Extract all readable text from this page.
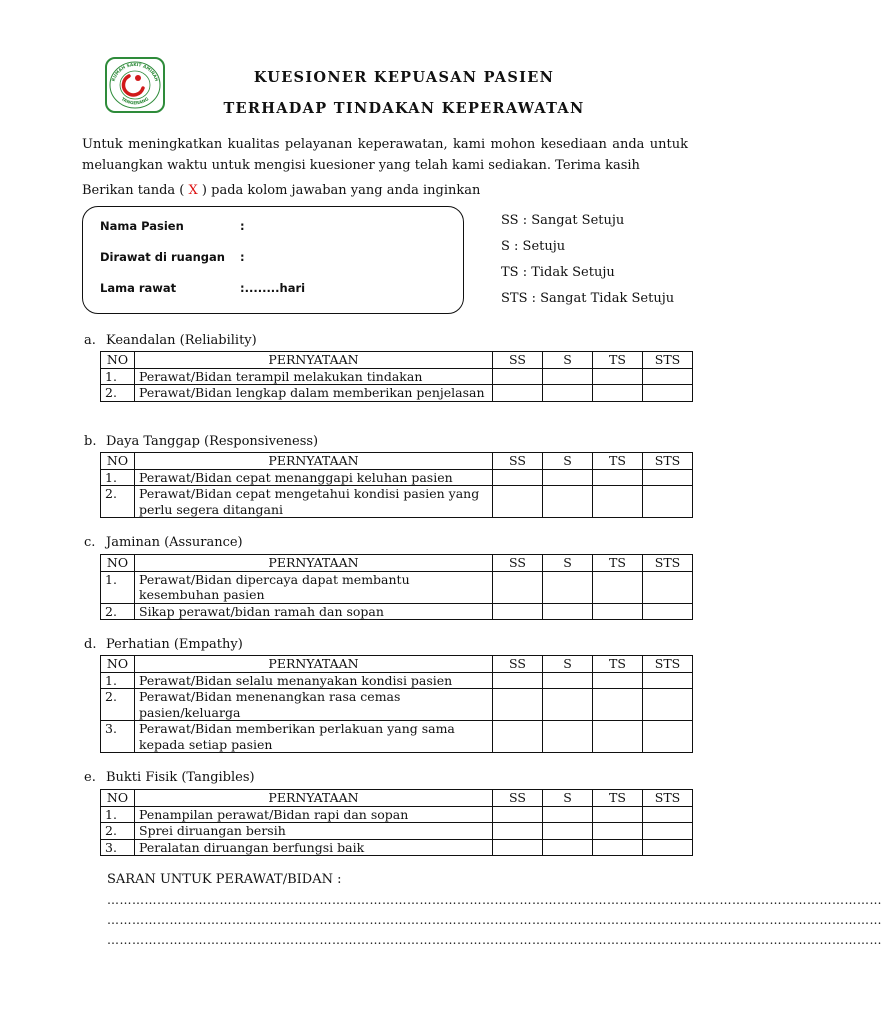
RUMAH SAKIT AMINAH
TANGERANG
KUESIONER KEPUASAN PASIEN
TERHADAP TINDAKAN KEPERAWATAN
Untuk meningkatkan kualitas pelayanan keperawatan, kami mohon kesediaan anda untuk meluangkan waktu untuk mengisi kuesioner yang telah kami sediakan. Terima kasih
Berikan tanda ( X ) pada kolom jawaban yang anda inginkan
Nama Pasien	:
Dirawat di ruangan :
Lama rawat	:........hari
SS : Sangat Setuju
S : Setuju
TS : Tidak Setuju
STS : Sangat Tidak Setuju
a. Keandalan (Reliability)
NO	PERNYATAAN	SS	S	TS	STS
1.	Perawat/Bidan terampil melakukan tindakan				
2.	Perawat/Bidan lengkap dalam memberikan penjelasan				
b. Daya Tanggap (Responsiveness)
NO	PERNYATAAN	SS	S	TS	STS
1.	Perawat/Bidan cepat menanggapi keluhan pasien				
2.	Perawat/Bidan cepat mengetahui kondisi pasien yang perlu segera ditangani				
c. Jaminan (Assurance)
NO	PERNYATAAN	SS	S	TS	STS
1.	Perawat/Bidan dipercaya dapat membantu kesembuhan pasien				
2.	Sikap perawat/bidan ramah dan sopan				
d. Perhatian (Empathy)
NO	PERNYATAAN	SS	S	TS	STS
1.	Perawat/Bidan selalu menanyakan kondisi pasien				
2.	Perawat/Bidan menenangkan rasa cemas pasien/keluarga				
3.	Perawat/Bidan memberikan perlakuan yang sama kepada setiap pasien				
e. Bukti Fisik (Tangibles)
NO	PERNYATAAN	SS	S	TS	STS
1.	Penampilan perawat/Bidan rapi dan sopan				
2.	Sprei diruangan bersih				
3.	Peralatan diruangan berfungsi baik				
SARAN UNTUK PERAWAT/BIDAN :
……………………………………………………………………………………………………………………………………………………………………
……………………………………………………………………………………………………………………………………………………………………
……………………………………………………………………………………………………………………………………………………………………
